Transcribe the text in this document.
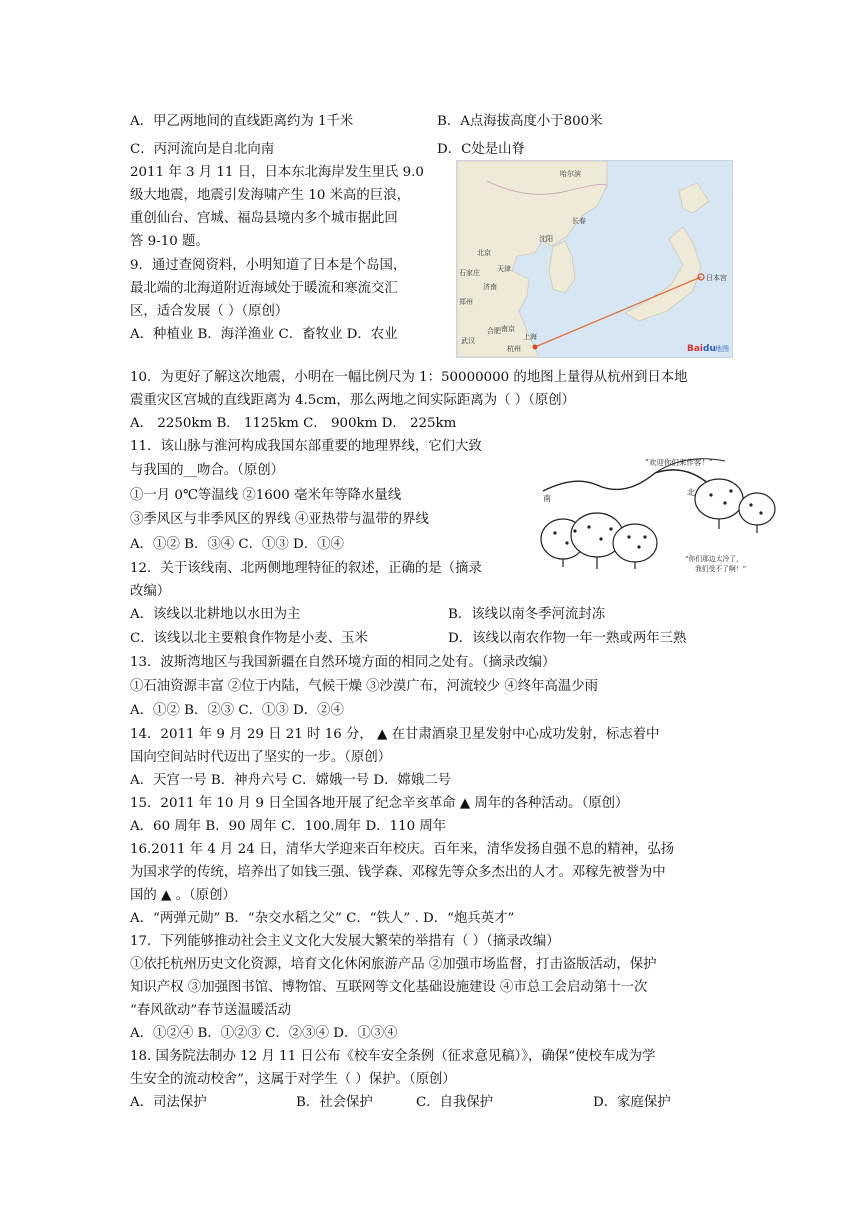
A．甲乙两地间的直线距离约为 1千米	B．A点海拔高度小于800米
C．丙河流向是自北向南	D．C处是山脊
2011 年 3 月 11 日，日本东北海岸发生里氏 9.0
级大地震，地震引发海啸产生 10 米高的巨浪，
重创仙台、宫城、福岛县境内多个城市据此回
答 9-10 题。
9．通过查阅资料，小明知道了日本是个岛国，
最北端的北海道附近海域处于暖流和寒流交汇
区，适合发展（ ）（原创）
A．种植业 B．海洋渔业 C．畜牧业 D．农业
10．为更好了解这次地震，小明在一幅比例尺为 1：50000000 的地图上量得从杭州到日本地
震重灾区宫城的直线距离为 4.5cm，那么两地之间实际距离为（ ）（原创）
A． 2250km B． 1125km C． 900km D． 225km
11．该山脉与淮河构成我国东部重要的地理界线，它们大致
与我国的__吻合。（原创）
①一月 0℃等温线 ②1600 毫米年等降水量线
③季风区与非季风区的界线 ④亚热带与温带的界线
A．①② B．③④ C．①③ D．①④
12．关于该线南、北两侧地理特征的叙述，正确的是（摘录
改编）
A．该线以北耕地以水田为主	B．该线以南冬季河流封冻
C．该线以北主要粮食作物是小麦、玉米	D．该线以南农作物一年一熟或两年三熟
13．波斯湾地区与我国新疆在自然环境方面的相同之处有。（摘录改编）
①石油资源丰富 ②位于内陆，气候干燥 ③沙漠广布，河流较少 ④终年高温少雨
A．①② B．②③ C．①③ D．②④
14．2011 年 9 月 29 日 21 时 16 分， ▲ 在甘肃酒泉卫星发射中心成功发射，标志着中
国向空间站时代迈出了坚实的一步。（原创）
A．天宫一号 B．神舟六号 C．嫦娥一号 D．嫦娥二号
15．2011 年 10 月 9 日全国各地开展了纪念辛亥革命 ▲ 周年的各种活动。（原创）
A．60 周年 B．90 周年 C．100.周年 D．110 周年
16.2011 年 4 月 24 日，清华大学迎来百年校庆。百年来，清华发扬自强不息的精神，弘扬
为国求学的传统，培养出了如钱三强、钱学森、邓稼先等众多杰出的人才。邓稼先被誉为中
国的 ▲ 。（原创）
A．“两弹元勋” B．“杂交水稻之父” C．“铁人” . D．“炮兵英才”
17．下列能够推动社会主义文化大发展大繁荣的举措有（ ）（摘录改编）
①依托杭州历史文化资源，培育文化休闲旅游产品 ②加强市场监督，打击盗版活动，保护
知识产权 ③加强图书馆、博物馆、互联网等文化基础设施建设 ④市总工会启动第十一次
“春风欲动”春节送温暖活动
A．①②④ B．①②③ C．②③④ D．①③④
18. 国务院法制办 12 月 11 日公布《校车安全条例（征求意见稿）》，确保“使校车成为学
生安全的流动校舍”，这属于对学生（ ）保护。（原创）
A．司法保护	B．社会保护	C．自我保护	D．家庭保护
哈尔滨
长春
沈阳
北京
天津
石家庄
济南
郑州
南京
上海
合肥
武汉
杭州
日本宫
Bai du 地图
“欢迎你们来作客！”
南
北
“你们那边太冷了，
我们受不了啊！”
